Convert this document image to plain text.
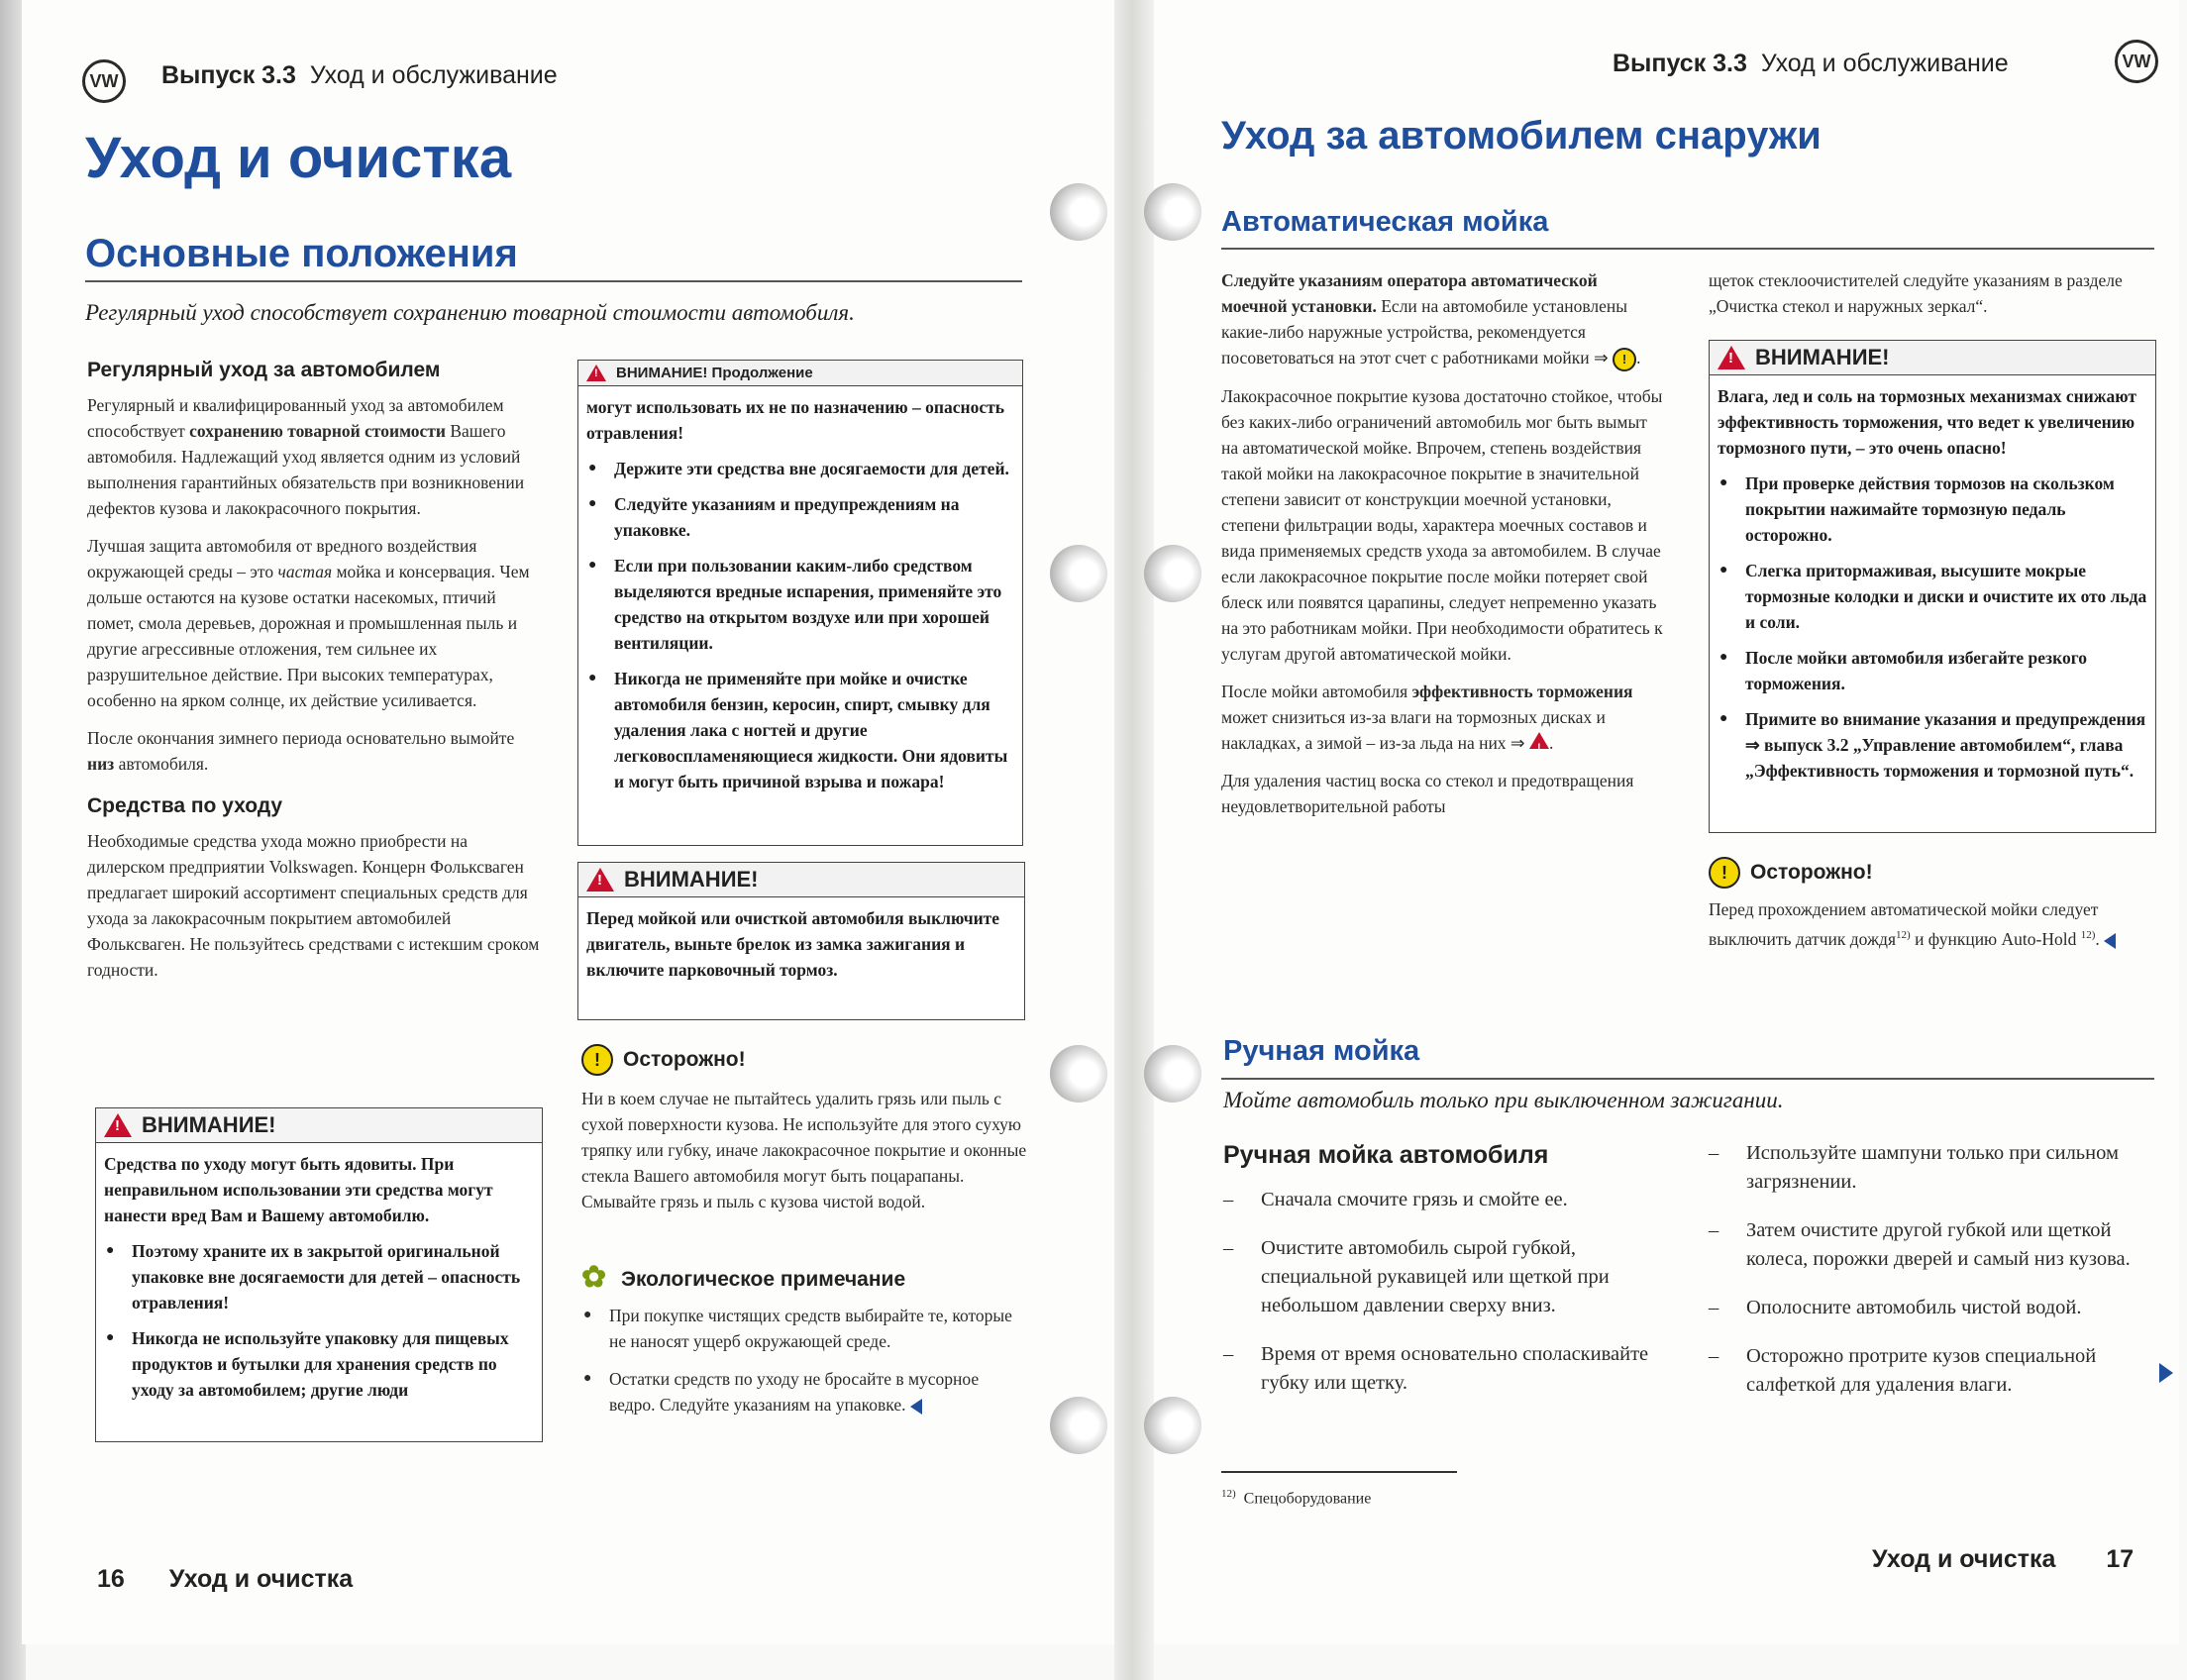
VW	Выпуск 3.3 Уход и обслуживание
Уход и очистка
Основные положения
Регулярный уход способствует сохранению товарной стоимости автомобиля.
Регулярный уход за автомобилем

Регулярный и квалифицированный уход за автомобилем способствует сохранению товарной стоимости Вашего автомобиля. Надлежащий уход является одним из условий выполнения гарантийных обязательств при возникновении дефектов кузова и лакокрасочного покрытия.

Лучшая защита автомобиля от вредного воздействия окружающей среды – это частая мойка и консервация. Чем дольше остаются на кузове остатки насекомых, птичий помет, смола деревьев, дорожная и промышленная пыль и другие агрессивные отложения, тем сильнее их разрушительное действие. При высоких температурах, особенно на ярком солнце, их действие усиливается.

После окончания зимнего периода основательно вымойте низ автомобиля.

Средства по уходу

Необходимые средства ухода можно приобрести на дилерском предприятии Volkswagen. Концерн Фольксваген предлагает широкий ассортимент специальных средств для ухода за лакокрасочным покрытием автомобилей Фольксваген. Не пользуйтесь средствами с истекшим сроком годности.

!
ВНИМАНИЕ!

Средства по уходу могут быть ядовиты. При неправильном использовании эти средства могут нанести вред Вам и Вашему автомобилю.

● Поэтому храните их в закрытой оригинальной упаковке вне досягаемости для детей – опасность отравления!

● Никогда не используйте упаковку для пищевых продуктов и бутылки для хранения средств по уходу за автомобилем; другие люди

!
ВНИМАНИЕ! Продолжение

могут использовать их не по назначению – опасность отравления!

● Держите эти средства вне досягаемости для детей.

● Следуйте указаниям и предупреждениям на упаковке.

● Если при пользовании каким-либо средством выделяются вредные испарения, применяйте это средство на открытом воздухе или при хорошей вентиляции.

● Никогда не применяйте при мойке и очистке автомобиля бензин, керосин, спирт, смывку для удаления лака с ногтей и другие легковоспламеняющиеся жидкости. Они ядовиты и могут быть причиной взрыва и пожара!

!
ВНИМАНИЕ!

Перед мойкой или очисткой автомобиля выключите двигатель, выньте брелок из замка зажигания и включите парковочный тормоз.

!	Осторожно!

Ни в коем случае не пытайтесь удалить грязь или пыль с сухой поверхности кузова. Не используйте для этого сухую тряпку или губку, иначе лакокрасочное покрытие и оконные стекла Вашего автомобиля могут быть поцарапаны. Смывайте грязь и пыль с кузова чистой водой.

✿
Экологическое примечание

● При покупке чистящих средств выбирайте те, которые не наносят ущерб окружающей среде.

● Остатки средств по уходу не бросайте в мусорное ведро. Следуйте указаниям на упаковке.

16 Уход и очистка
Выпуск 3.3 Уход и обслуживание	VW
Уход за автомобилем снаружи
Автоматическая мойка

Следуйте указаниям оператора автоматической моечной установки. Если на автомобиле установлены какие-либо наружные устройства, рекомендуется посоветоваться на этот счет с работниками мойки ⇒ ! .

Лакокрасочное покрытие кузова достаточно стойкое, чтобы без каких-либо ограничений автомобиль мог быть вымыт на автоматической мойке. Впрочем, степень воздействия такой мойки на лакокрасочное покрытие в значительной степени зависит от конструкции моечной установки, степени фильтрации воды, характера моечных составов и вида применяемых средств ухода за автомобилем. В случае если лакокрасочное покрытие после мойки потеряет свой блеск или появятся царапины, следует непременно указать на это работникам мойки. При необходимости обратитесь к услугам другой автоматической мойки.

После мойки автомобиля эффективность торможения может снизиться из-за влаги на тормозных дисках и накладках, а зимой – из-за льда на них ⇒ !.

Для удаления частиц воска со стекол и предотвращения неудовлетворительной работы

щеток стеклоочистителей следуйте указаниям в разделе „Очистка стекол и наружных зеркал“.

!
ВНИМАНИЕ!

Влага, лед и соль на тормозных механизмах снижают эффективность торможения, что ведет к увеличению тормозного пути, – это очень опасно!

● При проверке действия тормозов на скользком покрытии нажимайте тормозную педаль осторожно.

● Слегка притормаживая, высушите мокрые тормозные колодки и диски и очистите их ото льда и соли.

● После мойки автомобиля избегайте резкого торможения.

● Примите во внимание указания и предупреждения ⇒ выпуск 3.2 „Управление автомобилем“, глава „Эффективность торможения и тормозной путь“.

!	Осторожно!

Перед прохождением автоматической мойки следует выключить датчик дождя$^{12)}$ и функцию Auto-Hold $^{12)}$.

Ручная мойка
Мойте автомобиль только при выключенном зажигании.
Ручная мойка автомобиля

– Сначала смочите грязь и смойте ее.

– Очистите автомобиль сырой губкой, специальной рукавицей или щеткой при небольшом давлении сверху вниз.

– Время от время основательно споласкивайте губку или щетку.

– Используйте шампуни только при сильном загрязнении.

– Затем очистите другой губкой или щеткой колеса, порожки дверей и самый низ кузова.

– Ополосните автомобиль чистой водой.

– Осторожно протрите кузов специальной салфеткой для удаления влаги.

$^{12)}$ Спецоборудование
Уход и очистка 17
